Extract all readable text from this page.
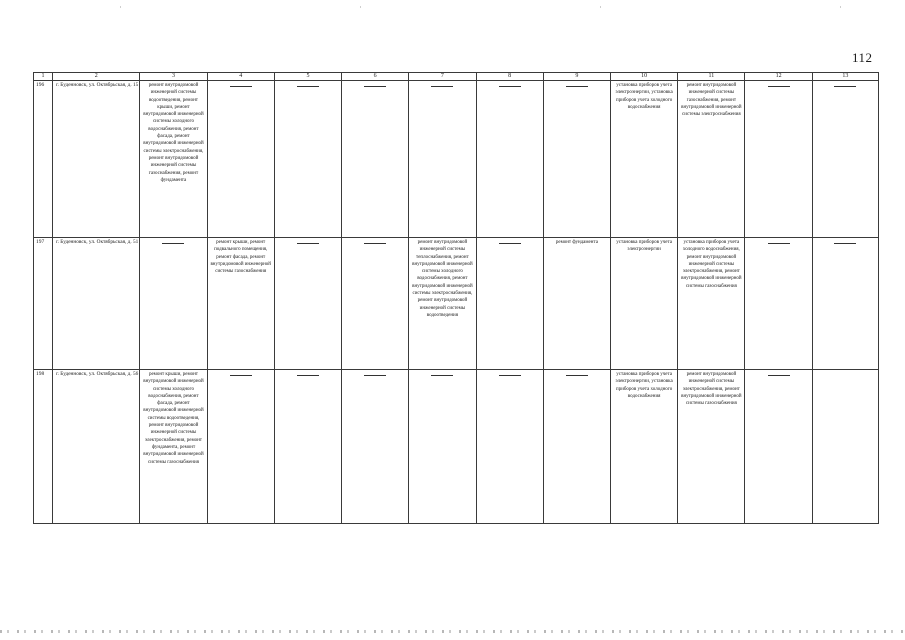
112
1	2	3	4	5	6	7	8	9	10	11	12	13
196	г. Буденновск, ул. Октябрьская, д. 15	ремонт внутридомовой инженерной системы водоотведения, ремонт крыши, ремонт внутридомовой инженерной системы холодного водоснабжения, ремонт фасада, ремонт внутридомовой инженерной системы электроснабжения, ремонт внутридомовой инженерной системы газоснабжения, ремонт фундамента							установка приборов учета электроэнергии, установка приборов учета холодного водоснабжения	ремонт внутридомовой инженерной системы газоснабжения, ремонт внутридомовой инженерной системы электроснабжения	

197	г. Буденновск, ул. Октябрьская, д. 51		ремонт крыши, ремонт подвального помещения, ремонт фасада, ремонт внутридомовой инженерной системы газоснабжения			ремонт внутридомовой инженерной системы теплоснабжения, ремонт внутридомовой инженерной системы холодного водоснабжения, ремонт внутридомовой инженерной системы электроснабжения, ремонт внутридомовой инженерной системы водоотведения		ремонт фундамента	установка приборов учета электроэнергии	установка приборов учета холодного водоснабжения, ремонт внутридомовой инженерной системы электроснабжения, ремонт внутридомовой инженерной системы газоснабжения	

198	г. Буденновск, ул. Октябрьская, д. 56	ремонт крыши, ремонт внутридомовой инженерной системы холодного водоснабжения, ремонт фасада, ремонт внутридомовой инженерной системы водоотведения, ремонт внутридомовой инженерной системы электроснабжения, ремонт фундамента, ремонт внутридомовой инженерной системы газоснабжения							установка приборов учета электроэнергии, установка приборов учета холодного водоснабжения	ремонт внутридомовой инженерной системы электроснабжения, ремонт внутридомовой инженерной системы газоснабжения	
